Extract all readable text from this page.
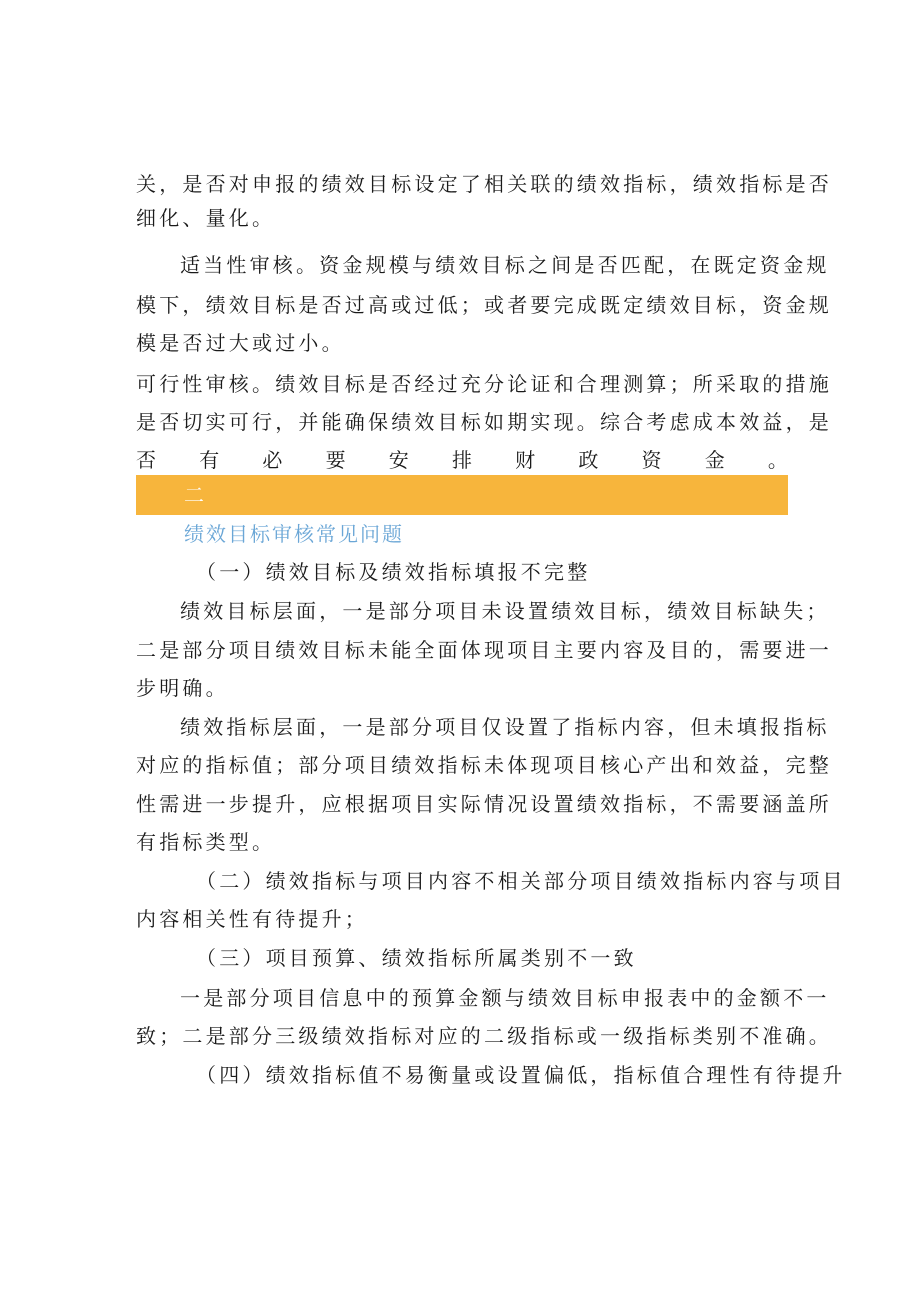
关，是否对申报的绩效目标设定了相关联的绩效指标，绩效指标是否
细化、量化。
适当性审核。资金规模与绩效目标之间是否匹配，在既定资金规
模下，绩效目标是否过高或过低；或者要完成既定绩效目标，资金规
模是否过大或过小。
可行性审核。绩效目标是否经过充分论证和合理测算；所采取的措施
是否切实可行，并能确保绩效目标如期实现。综合考虑成本效益，是
否 有 必 要 安 排 财 政 资 金 。
二
绩效目标审核常见问题
（一）绩效目标及绩效指标填报不完整
绩效目标层面，一是部分项目未设置绩效目标，绩效目标缺失；
二是部分项目绩效目标未能全面体现项目主要内容及目的，需要进一
步明确。
绩效指标层面，一是部分项目仅设置了指标内容，但未填报指标
对应的指标值；部分项目绩效指标未体现项目核心产出和效益，完整
性需进一步提升，应根据项目实际情况设置绩效指标，不需要涵盖所
有指标类型。
（二）绩效指标与项目内容不相关部分项目绩效指标内容与项目
内容相关性有待提升；
（三）项目预算、绩效指标所属类别不一致
一是部分项目信息中的预算金额与绩效目标申报表中的金额不一
致；二是部分三级绩效指标对应的二级指标或一级指标类别不准确。
（四）绩效指标值不易衡量或设置偏低，指标值合理性有待提升
